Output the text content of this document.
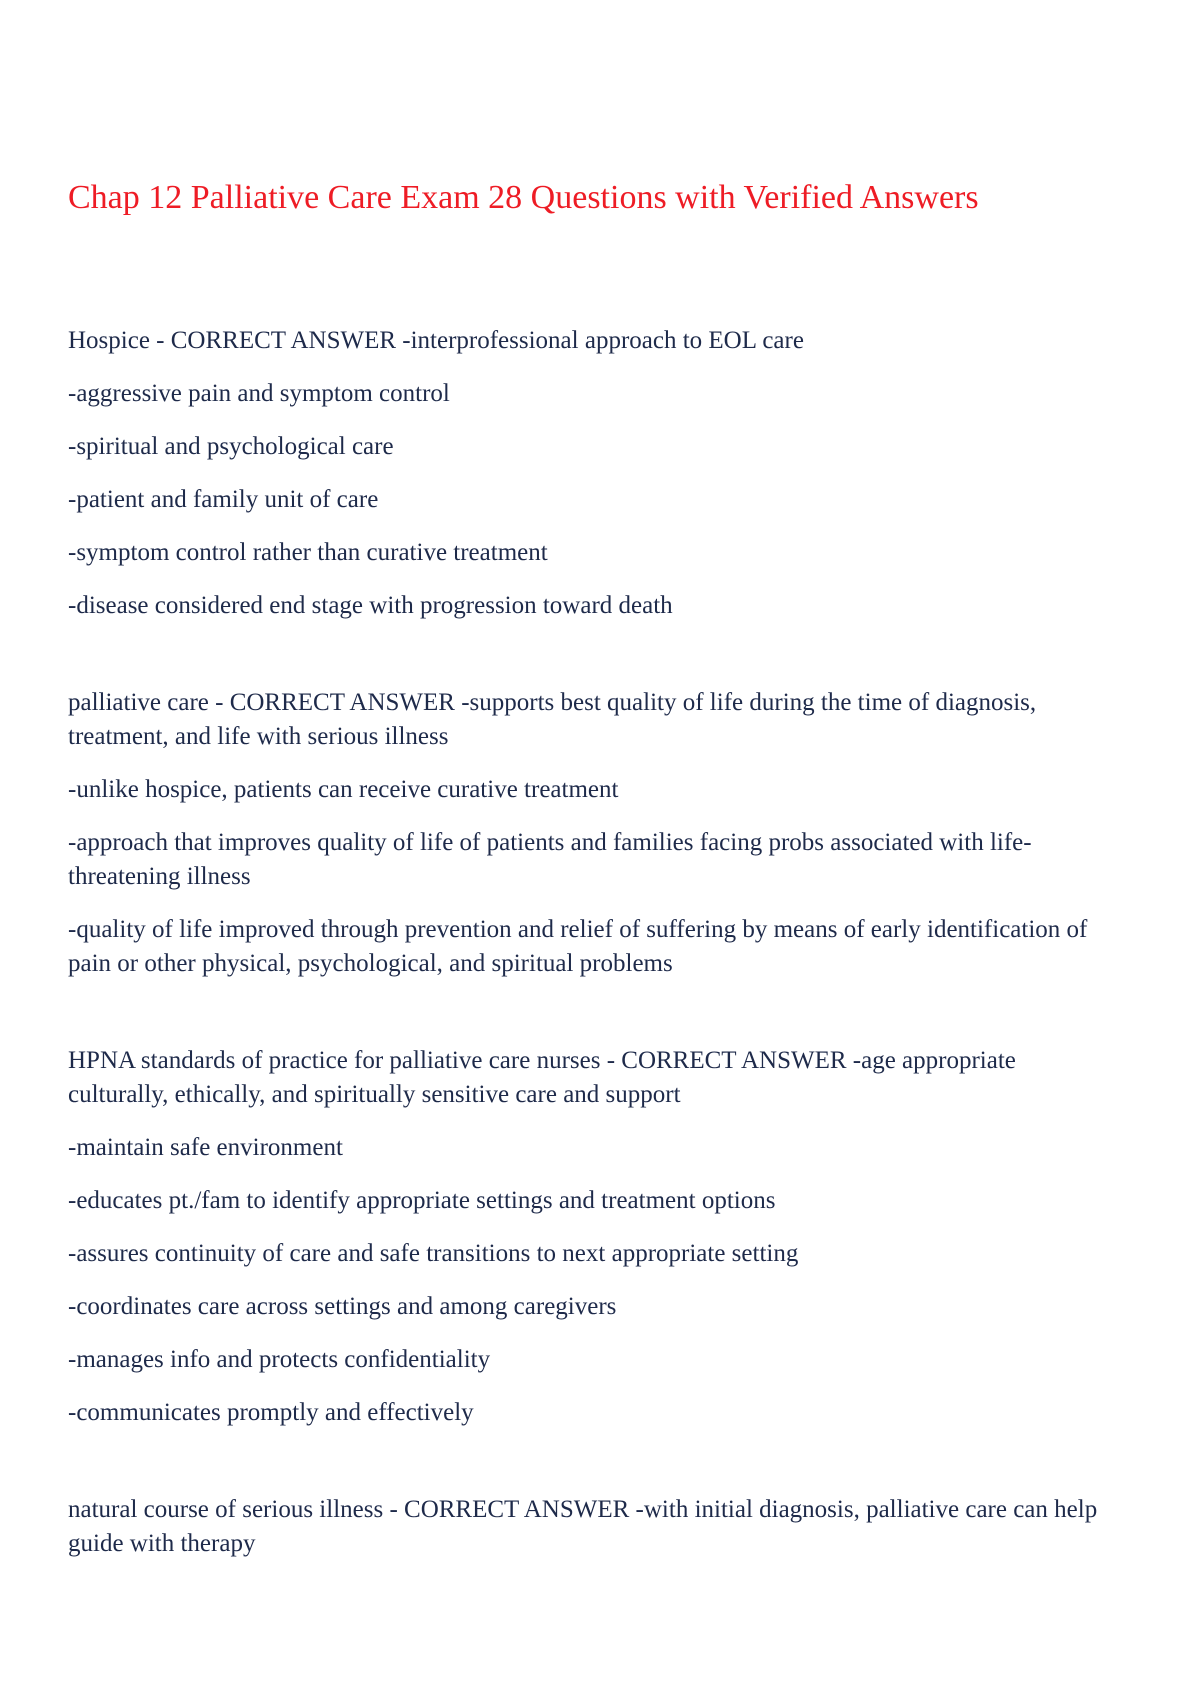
Chap 12 Palliative Care Exam 28 Questions with Verified Answers

Hospice - CORRECT ANSWER -interprofessional approach to EOL care

-aggressive pain and symptom control

-spiritual and psychological care

-patient and family unit of care

-symptom control rather than curative treatment

-disease considered end stage with progression toward death

palliative care - CORRECT ANSWER -supports best quality of life during the time of diagnosis, treatment, and life with serious illness

-unlike hospice, patients can receive curative treatment

-approach that improves quality of life of patients and families facing probs associated with life-threatening illness

-quality of life improved through prevention and relief of suffering by means of early identification of pain or other physical, psychological, and spiritual problems

HPNA standards of practice for palliative care nurses - CORRECT ANSWER -age appropriate culturally, ethically, and spiritually sensitive care and support

-maintain safe environment

-educates pt./fam to identify appropriate settings and treatment options

-assures continuity of care and safe transitions to next appropriate setting

-coordinates care across settings and among caregivers

-manages info and protects confidentiality

-communicates promptly and effectively

natural course of serious illness - CORRECT ANSWER -with initial diagnosis, palliative care can help guide with therapy
